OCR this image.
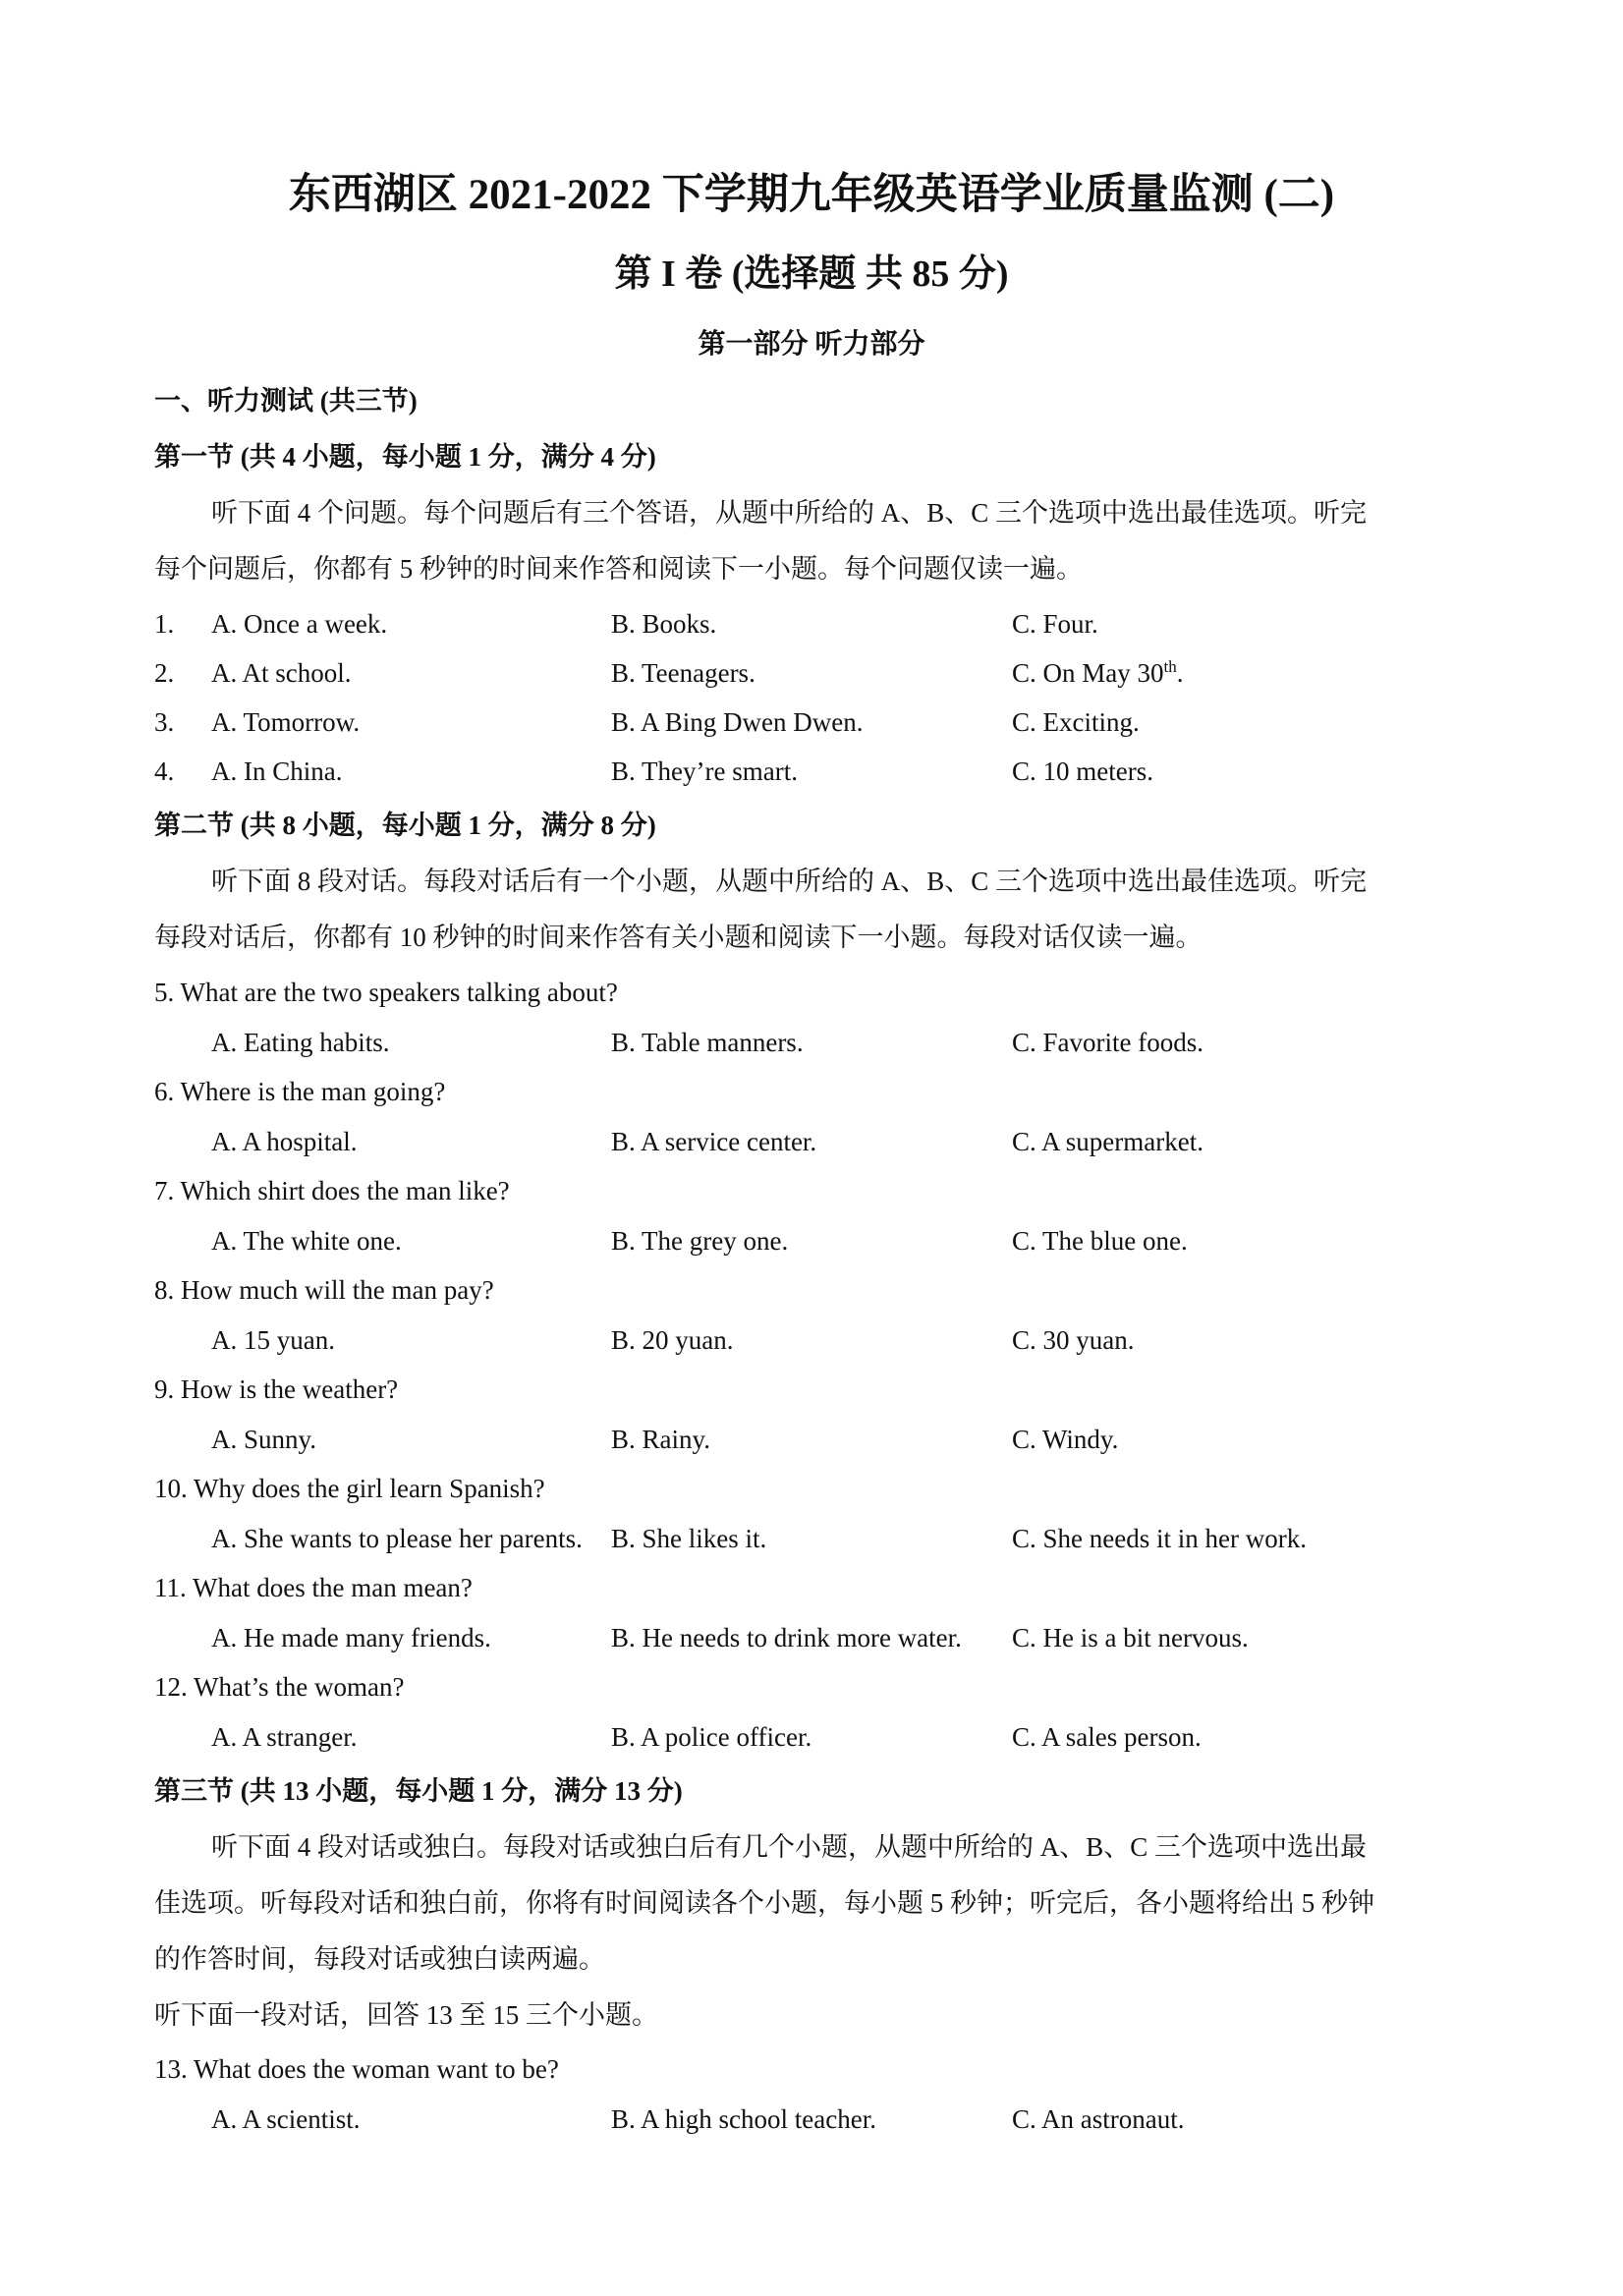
东西湖区 2021-2022 下学期九年级英语学业质量监测 (二)
第 I 卷 (选择题 共 85 分)
第一部分 听力部分
一、听力测试 (共三节)
第一节 (共 4 小题，每小题 1 分，满分 4 分)
听下面 4 个问题。每个问题后有三个答语，从题中所给的 A、B、C 三个选项中选出最佳选项。听完
每个问题后，你都有 5 秒钟的时间来作答和阅读下一小题。每个问题仅读一遍。
1. A. Once a week.	B. Books.	C. Four.
2. A. At school.	B. Teenagers.	C. On May 30th.
3. A. Tomorrow.	B. A Bing Dwen Dwen.	C. Exciting.
4. A. In China.	B. They’re smart.	C. 10 meters.
第二节 (共 8 小题，每小题 1 分，满分 8 分)
听下面 8 段对话。每段对话后有一个小题，从题中所给的 A、B、C 三个选项中选出最佳选项。听完
每段对话后，你都有 10 秒钟的时间来作答有关小题和阅读下一小题。每段对话仅读一遍。
5. What are the two speakers talking about?
A. Eating habits.	B. Table manners.	C. Favorite foods.
6. Where is the man going?
A. A hospital.	B. A service center.	C. A supermarket.
7. Which shirt does the man like?
A. The white one.	B. The grey one.	C. The blue one.
8. How much will the man pay?
A. 15 yuan.	B. 20 yuan.	C. 30 yuan.
9. How is the weather?
A. Sunny.	B. Rainy.	C. Windy.
10. Why does the girl learn Spanish?
A. She wants to please her parents. B. She likes it.	C. She needs it in her work.
11. What does the man mean?
A. He made many friends.	B. He needs to drink more water. C. He is a bit nervous.
12. What’s the woman?
A. A stranger.	B. A police officer.	C. A sales person.
第三节 (共 13 小题，每小题 1 分，满分 13 分)
听下面 4 段对话或独白。每段对话或独白后有几个小题，从题中所给的 A、B、C 三个选项中选出最
佳选项。听每段对话和独白前，你将有时间阅读各个小题，每小题 5 秒钟；听完后，各小题将给出 5 秒钟
的作答时间，每段对话或独白读两遍。
听下面一段对话，回答 13 至 15 三个小题。
13. What does the woman want to be?
A. A scientist.	B. A high school teacher.	C. An astronaut.
